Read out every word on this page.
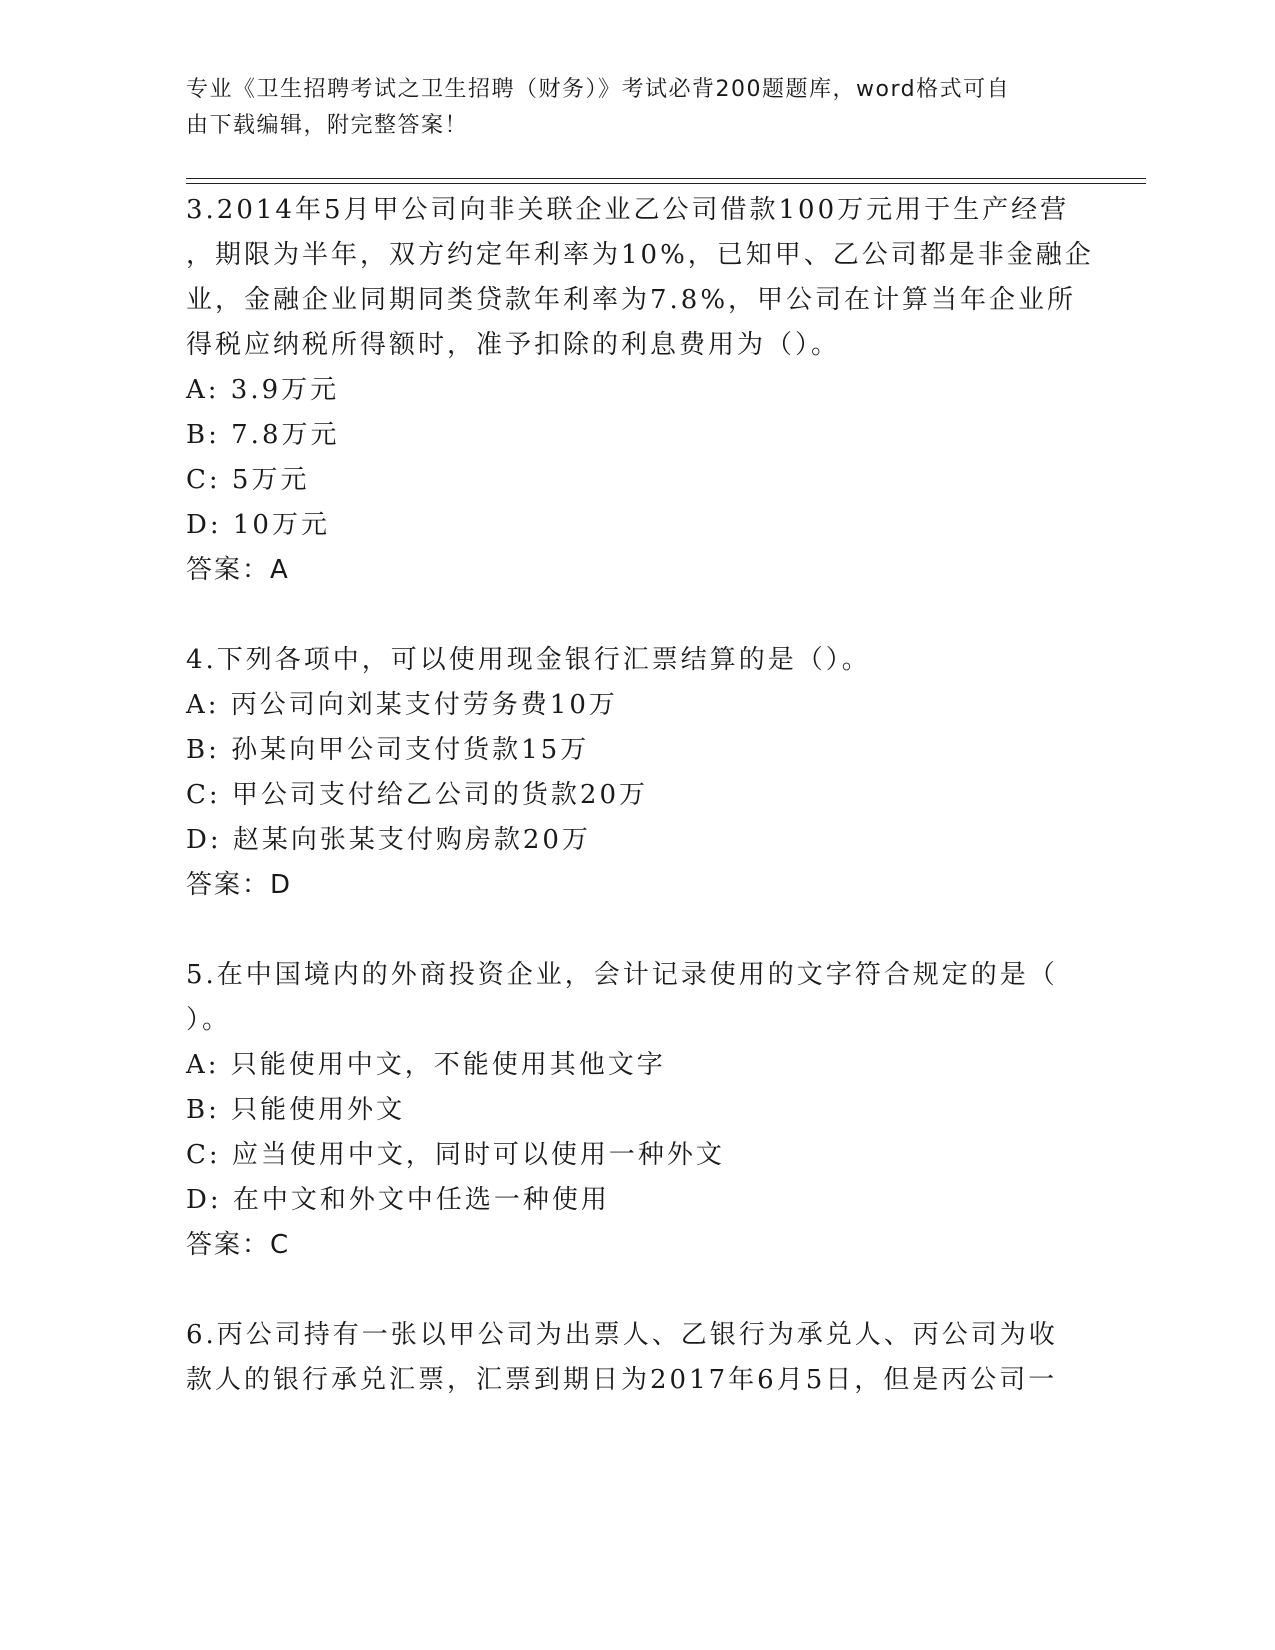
专业《卫生招聘考试之卫生招聘（财务）》考试必背200题题库，word格式可自
由下载编辑，附完整答案！
3.2014年5月甲公司向非关联企业乙公司借款100万元用于生产经营
，期限为半年，双方约定年利率为10%，已知甲、乙公司都是非金融企
业，金融企业同期同类贷款年利率为7.8%，甲公司在计算当年企业所
得税应纳税所得额时，准予扣除的利息费用为（）。
A: 3.9万元
B: 7.8万元
C: 5万元
D: 10万元
答案：A
4.下列各项中，可以使用现金银行汇票结算的是（）。
A: 丙公司向刘某支付劳务费10万
B: 孙某向甲公司支付货款15万
C: 甲公司支付给乙公司的货款20万
D: 赵某向张某支付购房款20万
答案：D
5.在中国境内的外商投资企业，会计记录使用的文字符合规定的是（
）。
A: 只能使用中文，不能使用其他文字
B: 只能使用外文
C: 应当使用中文，同时可以使用一种外文
D: 在中文和外文中任选一种使用
答案：C
6.丙公司持有一张以甲公司为出票人、乙银行为承兑人、丙公司为收
款人的银行承兑汇票，汇票到期日为2017年6月5日，但是丙公司一
